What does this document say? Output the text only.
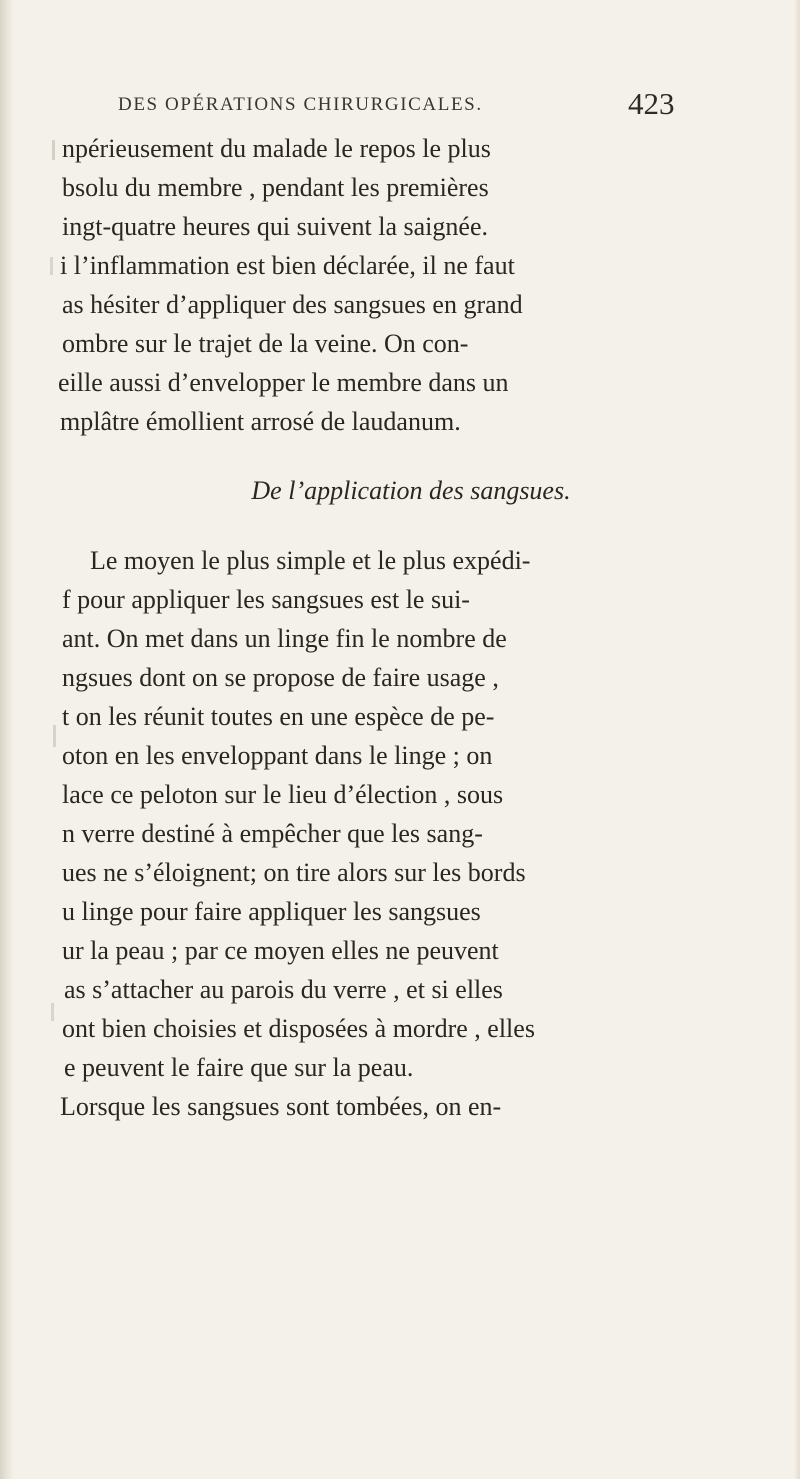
DES OPÉRATIONS CHIRURGICALES.	423
npérieusement du malade le repos le plus
bsolu du membre , pendant les premières
ingt-quatre heures qui suivent la saignée.
i l’inflammation est bien déclarée, il ne faut
as hésiter d’appliquer des sangsues en grand
ombre sur le trajet de la veine. On con-
eille aussi d’envelopper le membre dans un
mplâtre émollient arrosé de laudanum.
De l’application des sangsues.
Le moyen le plus simple et le plus expédi-
f pour appliquer les sangsues est le sui-
ant. On met dans un linge fin le nombre de
ngsues dont on se propose de faire usage ,
t on les réunit toutes en une espèce de pe-
oton en les enveloppant dans le linge ; on
lace ce peloton sur le lieu d’élection , sous
n verre destiné à empêcher que les sang-
ues ne s’éloignent; on tire alors sur les bords
u linge pour faire appliquer les sangsues
ur la peau ; par ce moyen elles ne peuvent
as s’attacher au parois du verre , et si elles
ont bien choisies et disposées à mordre , elles
e peuvent le faire que sur la peau.
Lorsque les sangsues sont tombées, on en-
